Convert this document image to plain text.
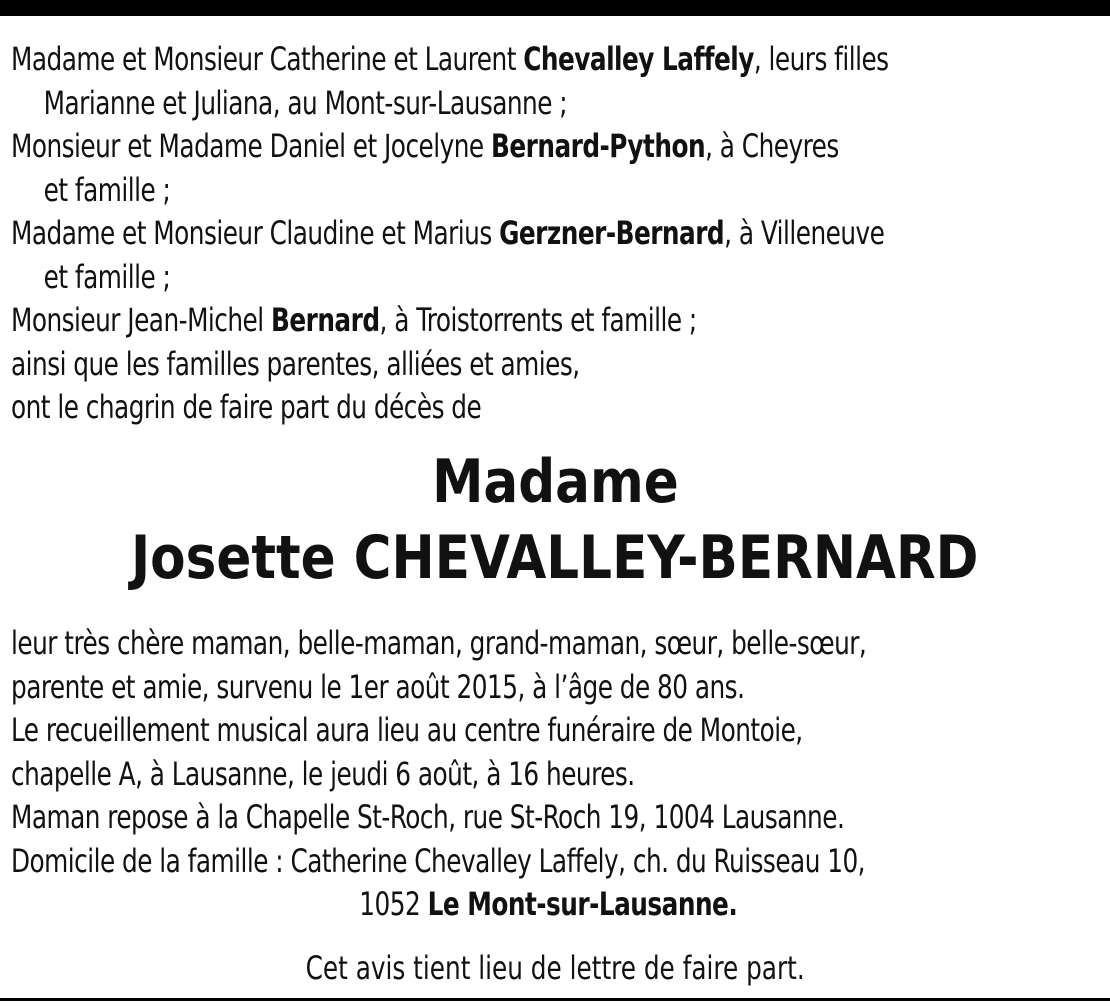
Madame et Monsieur Catherine et Laurent Chevalley Laffely, leurs filles
Marianne et Juliana, au Mont-sur-Lausanne ;
Monsieur et Madame Daniel et Jocelyne Bernard-Python, à Cheyres
et famille ;
Madame et Monsieur Claudine et Marius Gerzner-Bernard, à Villeneuve
et famille ;
Monsieur Jean-Michel Bernard, à Troistorrents et famille ;
ainsi que les familles parentes, alliées et amies,
ont le chagrin de faire part du décès de
Madame
Josette CHEVALLEY-BERNARD
leur très chère maman, belle-maman, grand-maman, sœur, belle-sœur,
parente et amie, survenu le 1er août 2015, à l’âge de 80 ans.
Le recueillement musical aura lieu au centre funéraire de Montoie,
chapelle A, à Lausanne, le jeudi 6 août, à 16 heures.
Maman repose à la Chapelle St-Roch, rue St-Roch 19, 1004 Lausanne.
Domicile de la famille : Catherine Chevalley Laffely, ch. du Ruisseau 10,
1052 Le Mont-sur-Lausanne.
Cet avis tient lieu de lettre de faire part.
